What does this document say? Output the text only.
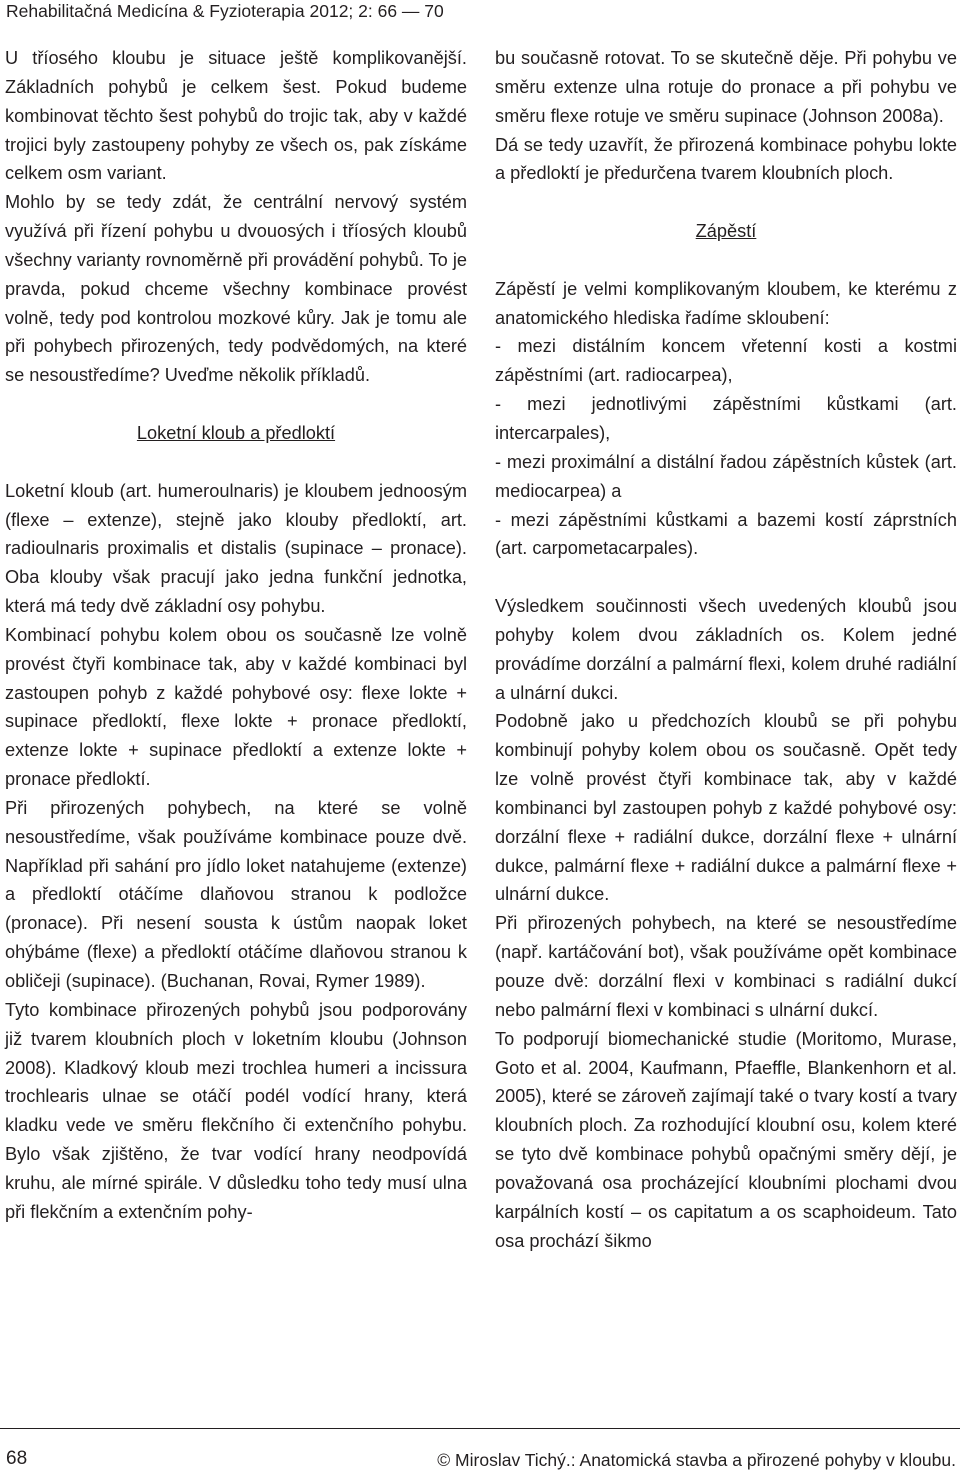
Rehabilitačná Medicína & Fyzioterapia 2012; 2: 66 — 70

U tříosého kloubu je situace ještě komplikovanější. Základních pohybů je celkem šest. Pokud budeme kombinovat těchto šest pohybů do trojic tak, aby v každé trojici byly zastoupeny pohyby ze všech os, pak získáme celkem osm variant.

Mohlo by se tedy zdát, že centrální nervový systém využívá při řízení pohybu u dvouosých i tříosých kloubů všechny varianty rovnoměrně při provádění pohybů. To je pravda, pokud chceme všechny kombinace provést volně, tedy pod kontrolou mozkové kůry. Jak je tomu ale při pohybech přirozených, tedy podvědomých, na které se nesoustředíme? Uveďme několik příkladů.

Loketní kloub a předloktí

Loketní kloub (art. humeroulnaris) je kloubem jednoosým (flexe – extenze), stejně jako klouby předloktí, art. radioulnaris proximalis et distalis (supinace – pronace). Oba klouby však pracují jako jedna funkční jednotka, která má tedy dvě základní osy pohybu.

Kombinací pohybu kolem obou os současně lze volně provést čtyři kombinace tak, aby v každé kombinaci byl zastoupen pohyb z každé pohybové osy: flexe lokte + supinace předloktí, flexe lokte + pronace předloktí, extenze lokte + supinace předloktí a extenze lokte + pronace předloktí.

Při přirozených pohybech, na které se volně nesoustředíme, však používáme kombinace pouze dvě. Například při sahání pro jídlo loket natahujeme (extenze) a předloktí otáčíme dlaňovou stranou k podložce (pronace). Při nesení sousta k ústům naopak loket ohýbáme (flexe) a předloktí otáčíme dlaňovou stranou k obličeji (supinace). (Buchanan, Rovai, Rymer 1989).

Tyto kombinace přirozených pohybů jsou podporovány již tvarem kloubních ploch v loketním kloubu (Johnson 2008). Kladkový kloub mezi trochlea humeri a incissura trochlearis ulnae se otáčí podél vodící hrany, která kladku vede ve směru flekčního či extenčního pohybu. Bylo však zjištěno, že tvar vodící hrany neodpovídá kruhu, ale mírné spirále. V důsledku toho tedy musí ulna při flekčním a extenčním pohy-

bu současně rotovat. To se skutečně děje. Při pohybu ve směru extenze ulna rotuje do pronace a při pohybu ve směru flexe rotuje ve směru supinace (Johnson 2008a).

Dá se tedy uzavřít, že přirozená kombinace pohybu lokte a předloktí je předurčena tvarem kloubních ploch.

Zápěstí

Zápěstí je velmi komplikovaným kloubem, ke kterému z anatomického hlediska řadíme skloubení:

- mezi distálním koncem vřetenní kosti a kostmi zápěstními (art. radiocarpea),

- mezi jednotlivými zápěstními kůstkami (art. intercarpales),

- mezi proximální a distální řadou zápěstních kůstek (art. mediocarpea) a

- mezi zápěstními kůstkami a bazemi kostí záprstních (art. carpometacarpales).

Výsledkem součinnosti všech uvedených kloubů jsou pohyby kolem dvou základních os. Kolem jedné provádíme dorzální a palmární flexi, kolem druhé radiální a ulnární dukci.

Podobně jako u předchozích kloubů se při pohybu kombinují pohyby kolem obou os současně. Opět tedy lze volně provést čtyři kombinace tak, aby v každé kombinanci byl zastoupen pohyb z každé pohybové osy: dorzální flexe + radiální dukce, dorzální flexe + ulnární dukce, palmární flexe + radiální dukce a palmární flexe + ulnární dukce.

Při přirozených pohybech, na které se nesoustředíme (např. kartáčování bot), však používáme opět kombinace pouze dvě: dorzální flexi v kombinaci s radiální dukcí nebo palmární flexi v kombinaci s ulnární dukcí.

To podporují biomechanické studie (Moritomo, Murase, Goto et al. 2004, Kaufmann, Pfaeffle, Blankenhorn et al. 2005), které se zároveň zajímají také o tvary kostí a tvary kloubních ploch. Za rozhodující kloubní osu, kolem které se tyto dvě kombinace pohybů opačnými směry dějí, je považovaná osa procházející kloubními plochami dvou karpálních kostí – os capitatum a os scaphoideum. Tato osa prochází šikmo

68	© Miroslav Tichý.: Anatomická stavba a přirozené pohyby v kloubu.
